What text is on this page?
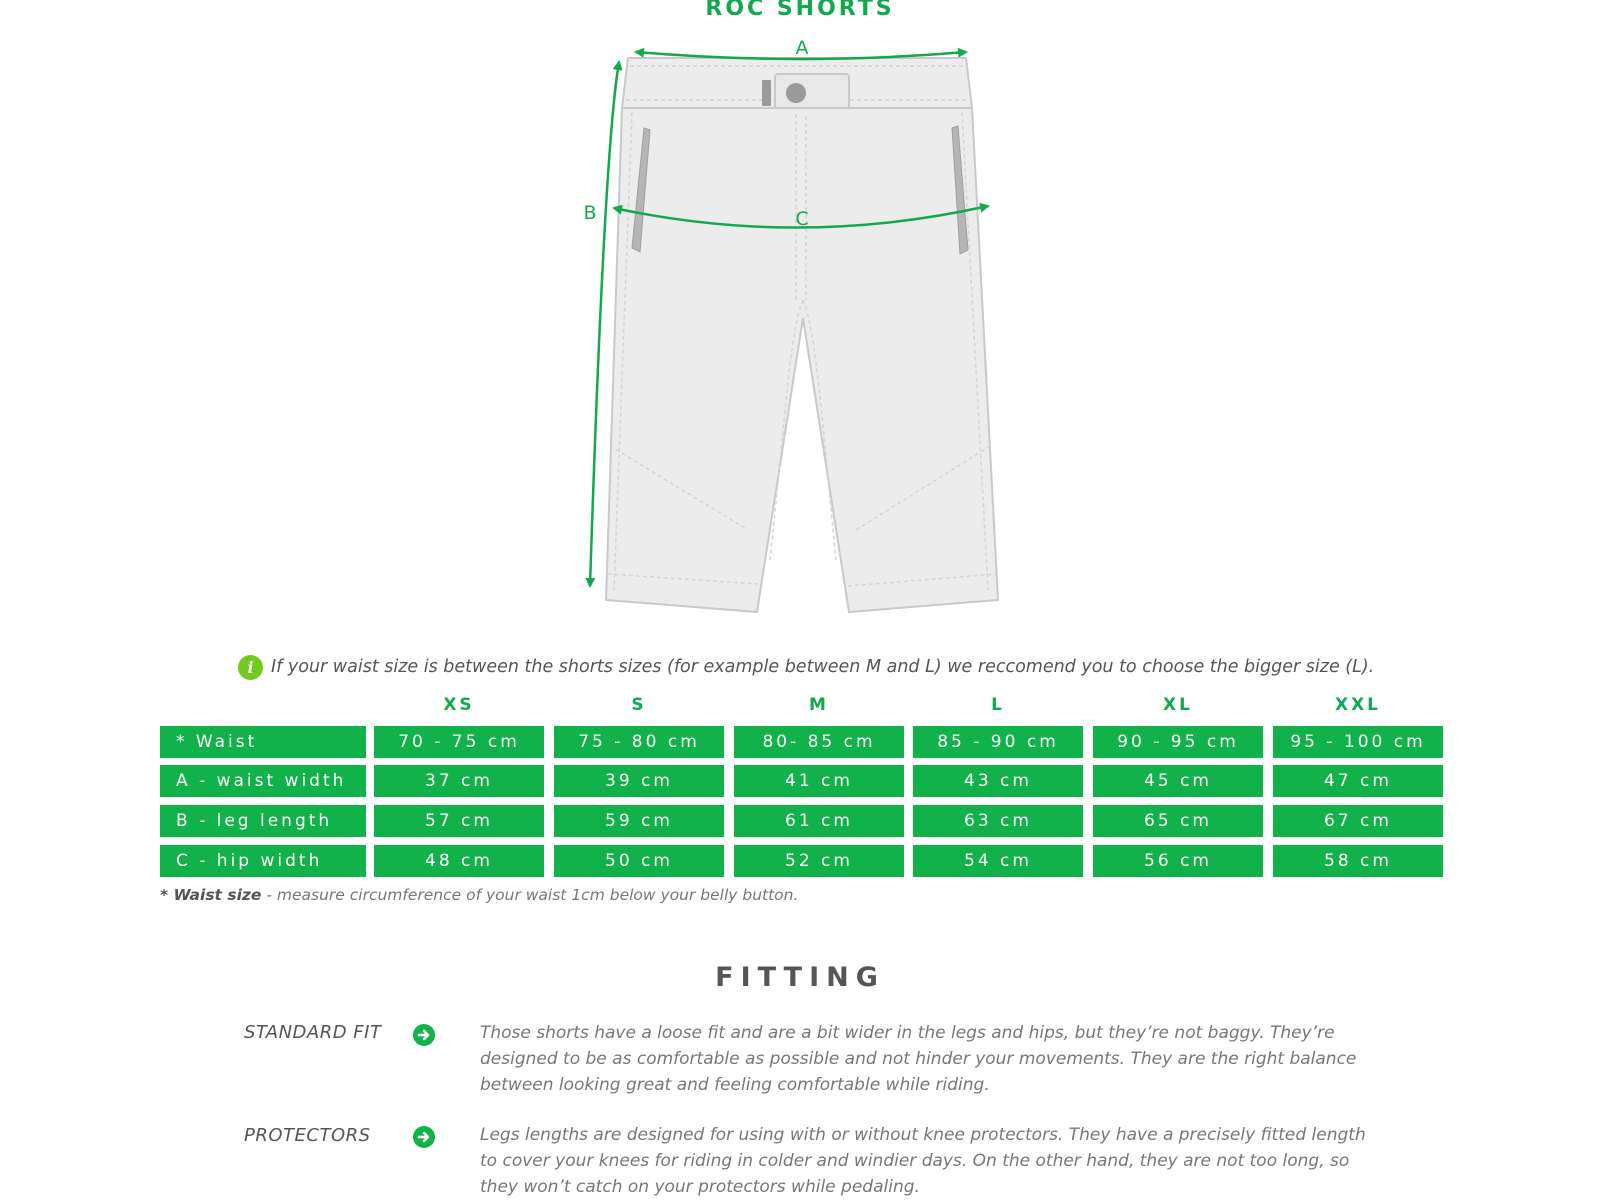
ROC SHORTS
A
B	C
i If your waist size is between the shorts sizes (for example between M and L) we reccomend you to choose the bigger size (L).
XS	S	M	L	XL	XXL
* Waist	70 - 75 cm	75 - 80 cm	80- 85 cm	85 - 90 cm	90 - 95 cm	95 - 100 cm
A - waist width	37 cm	39 cm	41 cm	43 cm	45 cm	47 cm
B - leg length	57 cm	59 cm	61 cm	63 cm	65 cm	67 cm
C - hip width	48 cm	50 cm	52 cm	54 cm	56 cm	58 cm
* Waist size - measure circumference of your waist 1cm below your belly button.
FITTING
STANDARD FIT	Those shorts have a loose fit and are a bit wider in the legs and hips, but they’re not baggy. They’re
designed to be as comfortable as possible and not hinder your movements. They are the right balance
between looking great and feeling comfortable while riding.
PROTECTORS	Legs lengths are designed for using with or without knee protectors. They have a precisely fitted length
to cover your knees for riding in colder and windier days. On the other hand, they are not too long, so
they won’t catch on your protectors while pedaling.
